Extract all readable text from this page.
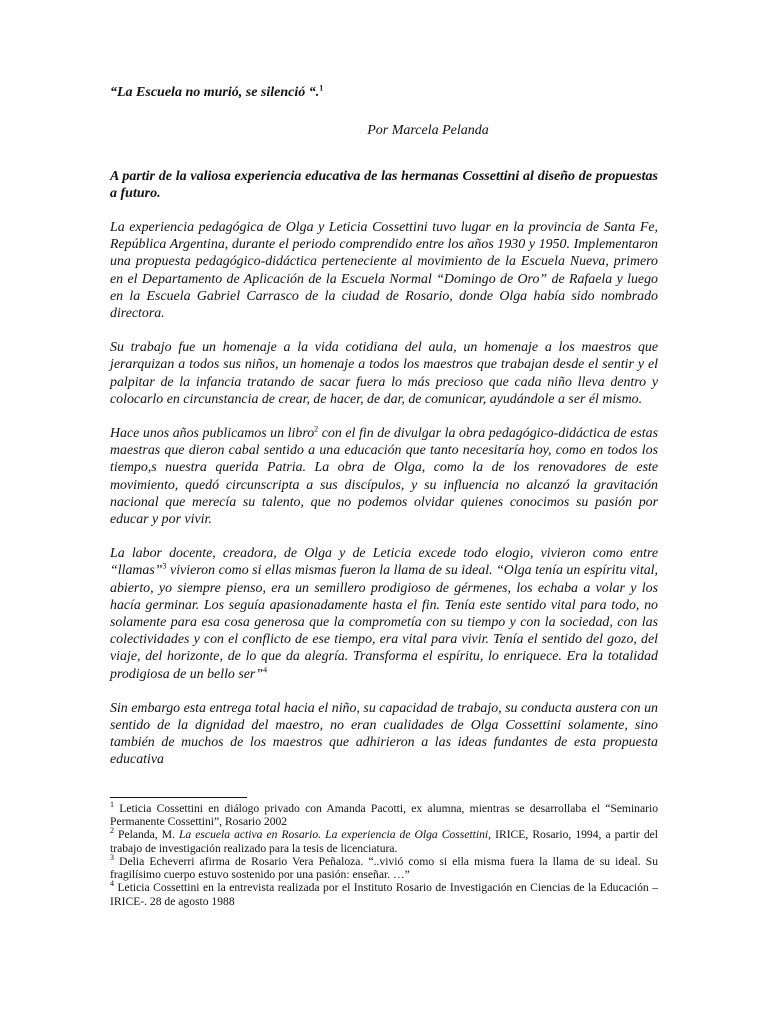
“La Escuela no murió, se silenció “.$^1$

Por Marcela Pelanda

A partir de la valiosa experiencia educativa de las hermanas Cossettini al diseño de propuestas a futuro.

La experiencia pedagógica de Olga y Leticia Cossettini tuvo lugar en la provincia de Santa Fe, República Argentina, durante el periodo comprendido entre los años 1930 y 1950. Implementaron una propuesta pedagógico-didáctica perteneciente al movimiento de la Escuela Nueva, primero en el Departamento de Aplicación de la Escuela Normal “Domingo de Oro” de Rafaela y luego en la Escuela Gabriel Carrasco de la ciudad de Rosario, donde Olga había sido nombrado directora.

Su trabajo fue un homenaje a la vida cotidiana del aula, un homenaje a los maestros que jerarquizan a todos sus niños, un homenaje a todos los maestros que trabajan desde el sentir y el palpitar de la infancia tratando de sacar fuera lo más precioso que cada niño lleva dentro y colocarlo en circunstancia de crear, de hacer, de dar, de comunicar, ayudándole a ser él mismo.

Hace unos años publicamos un libro$^2$ con el fin de divulgar la obra pedagógico-didáctica de estas maestras que dieron cabal sentido a una educación que tanto necesitaría hoy, como en todos los tiempo,s nuestra querida Patria. La obra de Olga, como la de los renovadores de este movimiento, quedó circunscripta a sus discípulos, y su influencia no alcanzó la gravitación nacional que merecía su talento, que no podemos olvidar quienes conocimos su pasión por educar y por vivir.

La labor docente, creadora, de Olga y de Leticia excede todo elogio, vivieron como entre “llamas”$^3$ vivieron como si ellas mismas fueron la llama de su ideal. “Olga tenía un espíritu vital, abierto, yo siempre pienso, era un semillero prodigioso de gérmenes, los echaba a volar y los hacía germinar. Los seguía apasionadamente hasta el fin. Tenía este sentido vital para todo, no solamente para esa cosa generosa que la comprometía con su tiempo y con la sociedad, con las colectividades y con el conflicto de ese tiempo, era vital para vivir. Tenía el sentido del gozo, del viaje, del horizonte, de lo que da alegría. Transforma el espíritu, lo enriquece. Era la totalidad prodigiosa de un bello ser”$^4$

Sin embargo esta entrega total hacia el niño, su capacidad de trabajo, su conducta austera con un sentido de la dignidad del maestro, no eran cualidades de Olga Cossettini solamente, sino también de muchos de los maestros que adhirieron a las ideas fundantes de esta propuesta educativa

$^1$ Leticia Cossettini en diálogo privado con Amanda Pacotti, ex alumna, mientras se desarrollaba el “Seminario Permanente Cossettini”, Rosario 2002

$^2$ Pelanda, M. La escuela activa en Rosario. La experiencia de Olga Cossettini, IRICE, Rosario, 1994, a partir del trabajo de investigación realizado para la tesis de licenciatura.

$^3$ Delia Echeverri afirma de Rosario Vera Peñaloza. “..vivió como si ella misma fuera la llama de su ideal. Su fragilísimo cuerpo estuvo sostenido por una pasión: enseñar. …”

$^4$ Leticia Cossettini en la entrevista realizada por el Instituto Rosario de Investigación en Ciencias de la Educación –IRICE-. 28 de agosto 1988
